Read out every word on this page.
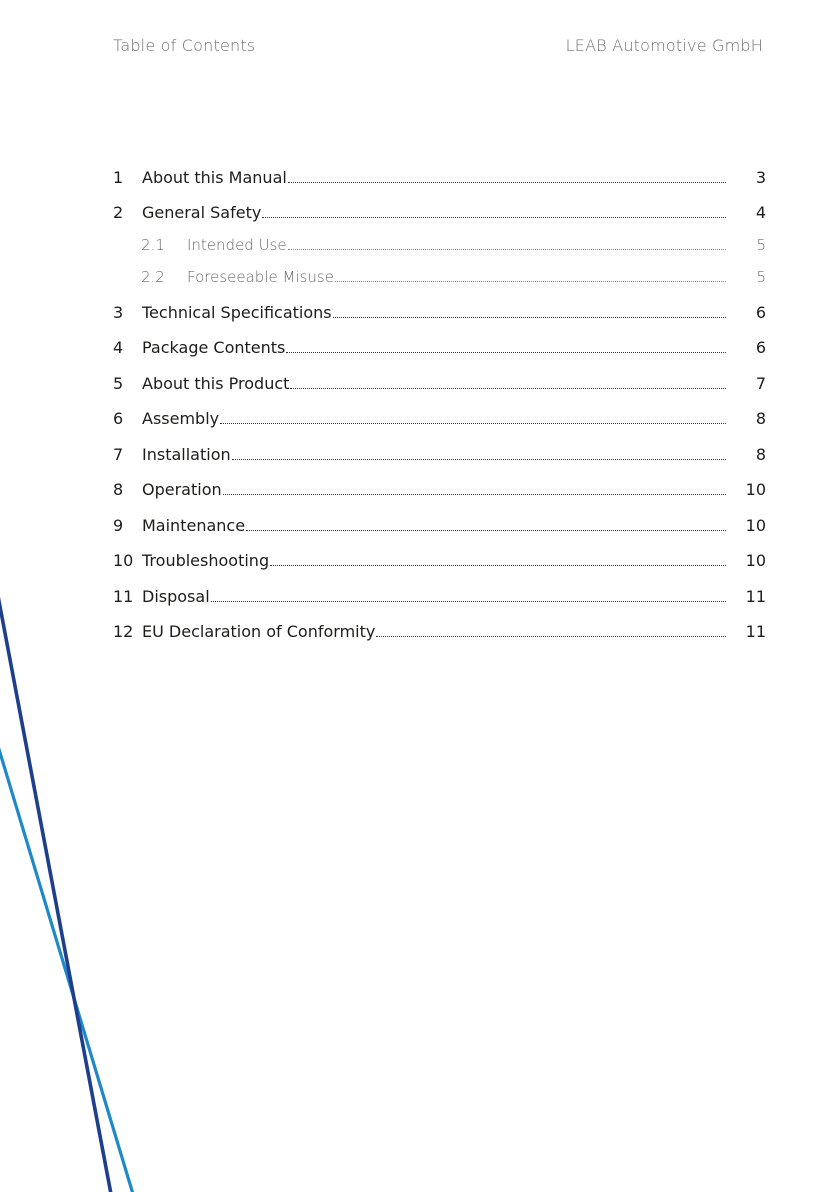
Table of Contents	LEAB Automotive GmbH
1	About this Manual	3
2	General Safety	4
2.1	Intended Use	5
2.2	Foreseeable Misuse	5
3	Technical Specifications	6
4	Package Contents	6
5	About this Product	7
6	Assembly	8
7	Installation	8
8	Operation	10
9	Maintenance	10
10 Troubleshooting	10
11 Disposal	11
12 EU Declaration of Conformity	11
